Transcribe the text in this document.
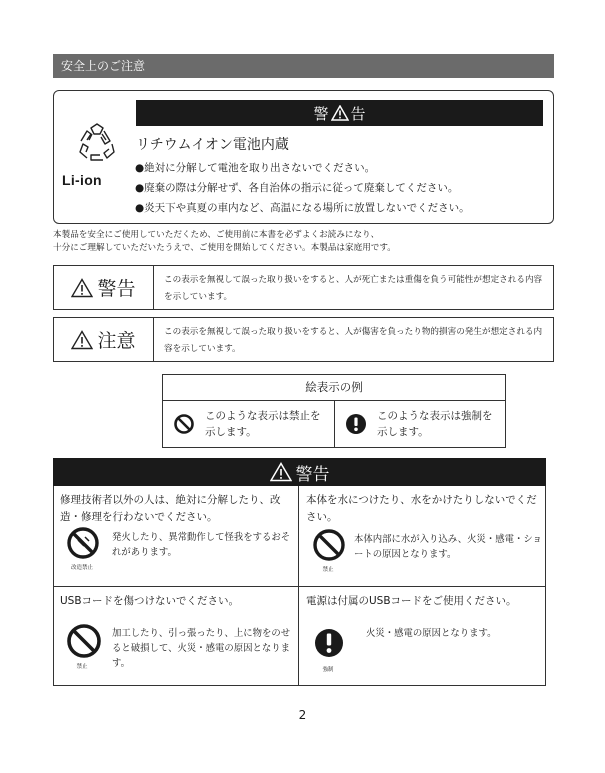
安全上のご注意
警 告
Li-ion
リチウムイオン電池内蔵
●絶対に分解して電池を取り出さないでください。
●廃棄の際は分解せず、各自治体の指示に従って廃棄してください。
●炎天下や真夏の車内など、高温になる場所に放置しないでください。
本製品を安全にご使用していただくため、ご使用前に本書を必ずよくお読みになり、
十分にご理解していただいたうえで、ご使用を開始してください。本製品は家庭用です。
警告	この表示を無視して誤った取り扱いをすると、人が死亡または重傷を負う可能性が想定される内容を示しています。
注意	この表示を無視して誤った取り扱いをすると、人が傷害を負ったり物的損害の発生が想定される内容を示しています。
絵表示の例
このような表示は禁止を示します。
このような表示は強制を示します。
警告
修理技術者以外の人は、絶対に分解したり、改造・修理を行わないでください。
改造禁止
発火したり、異常動作して怪我をするおそれがあります。
本体を水につけたり、水をかけたりしないでください。
禁止
本体内部に水が入り込み、火災・感電・ショートの原因となります。
USBコードを傷つけないでください。
禁止
加工したり、引っ張ったり、上に物をのせると破損して、火災・感電の原因となります。
電源は付属のUSBコードをご使用ください。
強制
火災・感電の原因となります。
2
